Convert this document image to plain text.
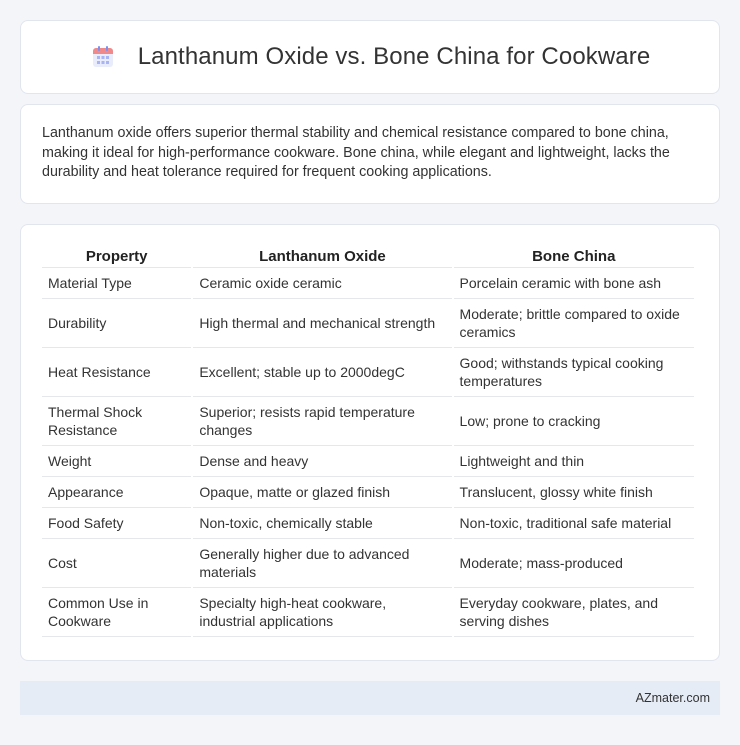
Lanthanum Oxide vs. Bone China for Cookware

Lanthanum oxide offers superior thermal stability and chemical resistance compared to bone china, making it ideal for high-performance cookware. Bone china, while elegant and lightweight, lacks the durability and heat tolerance required for frequent cooking applications.

Property	Lanthanum Oxide	Bone China
Material Type	Ceramic oxide ceramic	Porcelain ceramic with bone ash
Durability	High thermal and mechanical strength	Moderate; brittle compared to oxide ceramics
Heat Resistance	Excellent; stable up to 2000degC	Good; withstands typical cooking temperatures
Thermal Shock Resistance	Superior; resists rapid temperature changes	Low; prone to cracking
Weight	Dense and heavy	Lightweight and thin
Appearance	Opaque, matte or glazed finish	Translucent, glossy white finish
Food Safety	Non-toxic, chemically stable	Non-toxic, traditional safe material
Cost	Generally higher due to advanced materials	Moderate; mass-produced
Common Use in Cookware	Specialty high-heat cookware, industrial applications	Everyday cookware, plates, and serving dishes
AZmater.com
